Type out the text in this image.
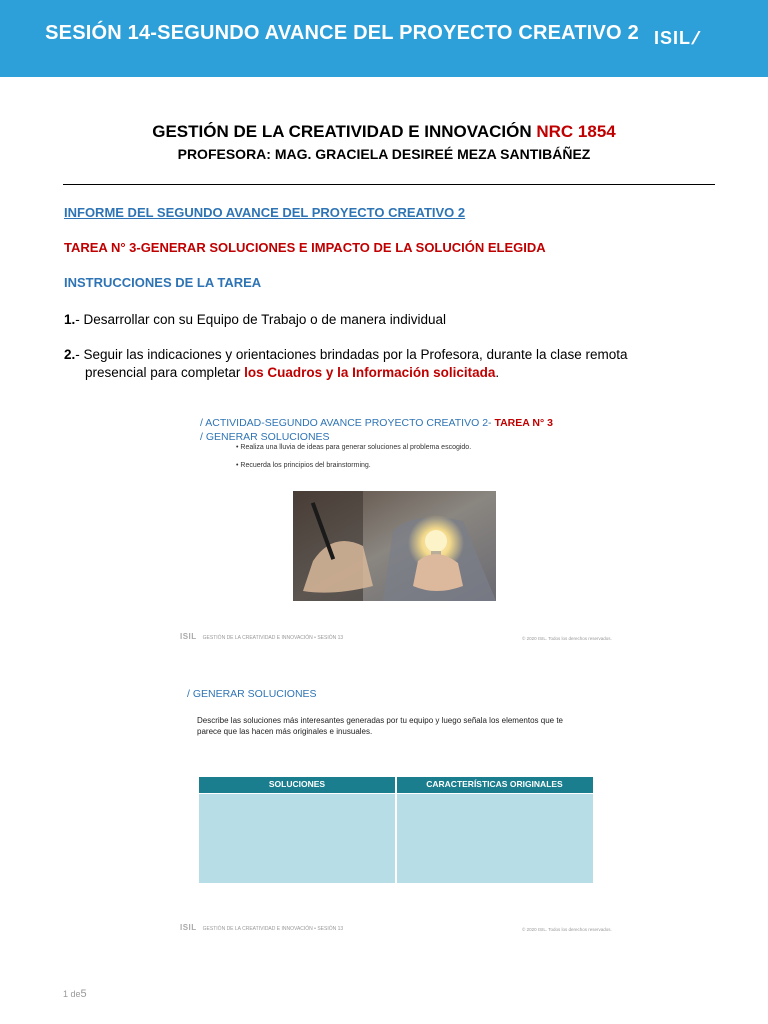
SESIÓN 14-SEGUNDO AVANCE DEL PROYECTO CREATIVO 2 ISIL/
GESTIÓN DE LA CREATIVIDAD E INNOVACIÓN NRC 1854
PROFESORA: MAG. GRACIELA DESIREÉ MEZA SANTIBÁÑEZ
INFORME DEL SEGUNDO AVANCE DEL PROYECTO CREATIVO 2
TAREA N° 3-GENERAR SOLUCIONES E IMPACTO DE LA SOLUCIÓN ELEGIDA
INSTRUCCIONES DE LA TAREA
1.- Desarrollar con su Equipo de Trabajo o de manera individual
2.- Seguir las indicaciones y orientaciones brindadas por la Profesora, durante la clase remota
presencial para completar los Cuadros y la Información solicitada.
/ ACTIVIDAD-SEGUNDO AVANCE PROYECTO CREATIVO 2- TAREA N° 3
/ GENERAR SOLUCIONES
• Realiza una lluvia de ideas para generar soluciones al problema escogido.
• Recuerda los principios del brainstorming.
ISIL GESTIÓN DE LA CREATIVIDAD E INNOVACIÓN • SESIÓN 13	© 2020 ISIL. Todos los derechos reservados.
/ GENERAR SOLUCIONES
Describe las soluciones más interesantes generadas por tu equipo y luego señala los elementos que te parece que las hacen más originales e inusuales.
SOLUCIONES	CARACTERÍSTICAS ORIGINALES
ISIL GESTIÓN DE LA CREATIVIDAD E INNOVACIÓN • SESIÓN 13	© 2020 ISIL. Todos los derechos reservados.
1 de5
